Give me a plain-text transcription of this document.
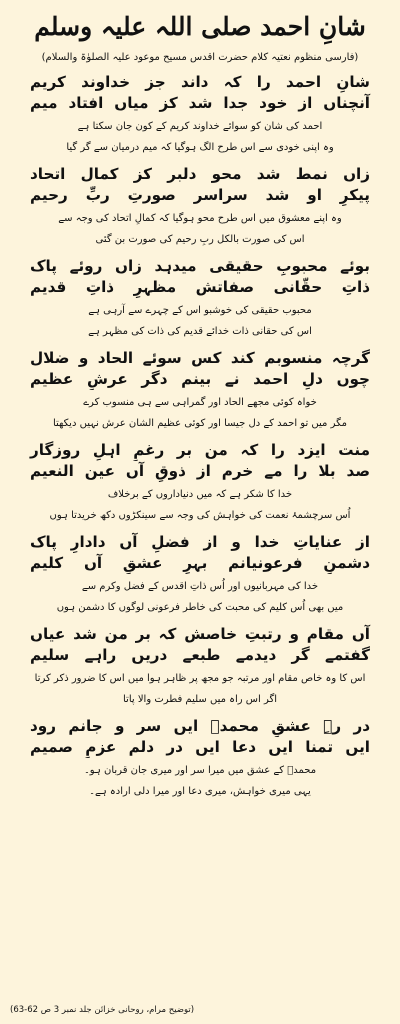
شانِ احمد صلی اللہ علیہ وسلم
(فارسی منظوم نعتیہ کلام حضرت اقدس مسیح موعود علیہ الصلوٰۃ والسلام)
شانِ احمد را کہ داند جز خداوند کریم
آنچناں از خود جدا شد کز میاں افتاد میم
احمد کی شان کو سوائے خداوند کریم کے کون جان سکتا ہے
وہ اپنی خودی سے اس طرح الگ ہوگیا کہ میم درمیان سے گر گیا
زاں نمط شد محو دلبر کز کمال اتحاد
پیکرِ او شد سراسر صورتِ ربِّ رحیم
وہ اپنے معشوق میں اس طرح محو ہوگیا کہ کمالِ اتحاد کی وجہ سے
اس کی صورت بالکل ربِ رحیم کی صورت بن گئی
بوئے محبوبِ حقیقی میدہد زاں روئے پاک
ذاتِ حقّانی صفاتش مظہرِ ذاتِ قدیم
محبوب حقیقی کی خوشبو اس کے چہرے سے آرہی ہے
اس کی حقانی ذات خدائے قدیم کی ذات کی مظہر ہے
گرچہ منسوبم کند کس سوئے الحاد و ضلال
چوں دلِ احمد نے بینم دگر عرشِ عظیم
خواہ کوئی مجھے الحاد اور گمراہی سے ہی منسوب کرے
مگر میں تو احمد کے دل جیسا اور کوئی عظیم الشان عرش نہیں دیکھتا
منت ایزد را کہ من بر رغمِ اہلِ روزگار
صد بلا را مے خرم از ذوقِ آں عین النعیم
خدا کا شکر ہے کہ میں دنیاداروں کے برخلاف
اُس سرچشمۂ نعمت کی خواہش کی وجہ سے سینکڑوں دکھ خریدتا ہوں
از عنایاتِ خدا و از فضلِ آں دادارِ پاک
دشمنِ فرعونیانم بہرِ عشقِ آں کلیم
خدا کی مہربانیوں اور اُس ذاتِ اقدس کے فضل وکرم سے
میں بھی اُس کلیم کی محبت کی خاطر فرعونی لوگوں کا دشمن ہوں
آں مقام و رتبتِ خاصش کہ بر من شد عیاں
گفتمے گر دیدمے طبعے دریں راہے سلیم
اس کا وہ خاص مقام اور مرتبہ جو مجھ پر ظاہر ہوا میں اس کا ضرور ذکر کرتا
اگر اس راہ میں سلیم فطرت والا پاتا
در رہِ عشقِ محمدؐ ایں سر و جانم رود
ایں تمنا ایں دعا ایں در دلم عزمِ صمیم
محمدؐ کے عشق میں میرا سر اور میری جان قربان ہو۔
یہی میری خواہش، میری دعا اور میرا دلی ارادہ ہے۔
(توضیح مرام، روحانی خزائن جلد نمبر 3 ص 62-63)
